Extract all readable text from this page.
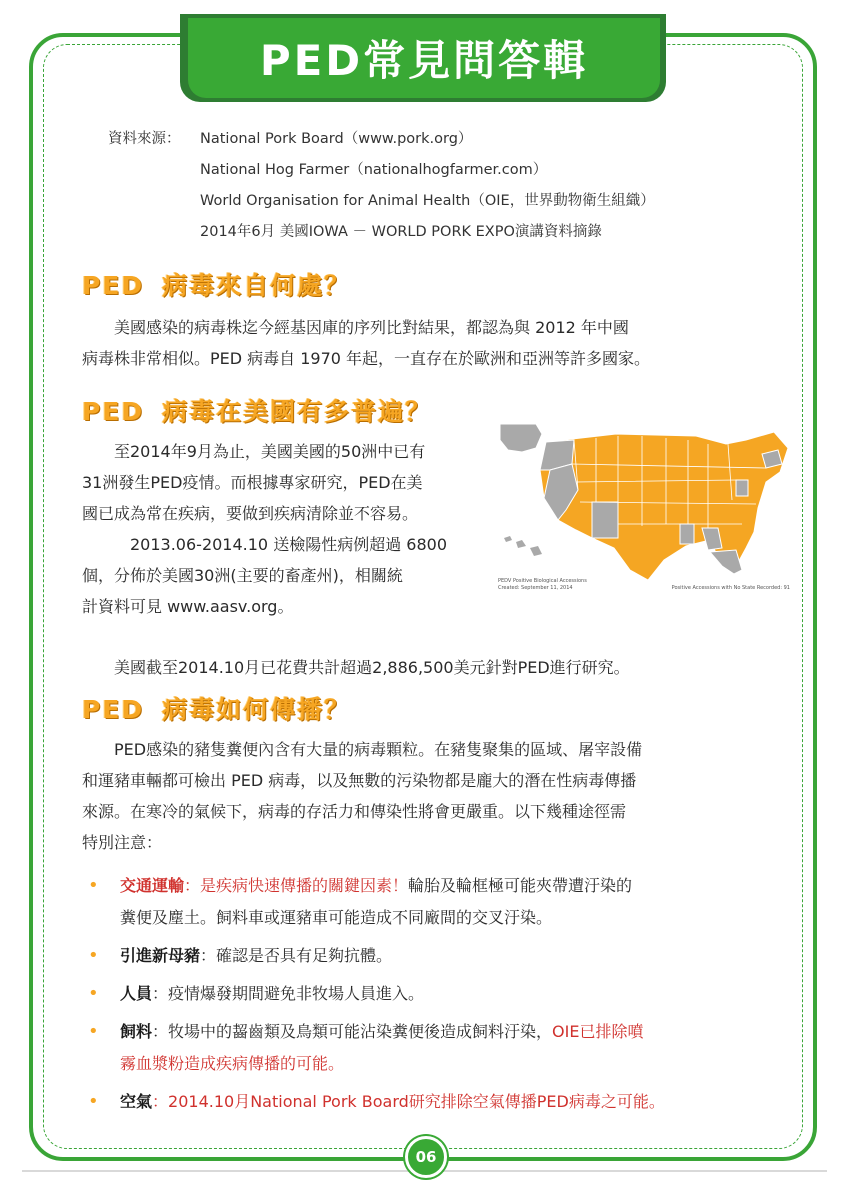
PED常見問答輯
資料來源： National Pork Board（www.pork.org）
National Hog Farmer（nationalhogfarmer.com）
World Organisation for Animal Health（OIE，世界動物衛生組織）
2014年6月 美國IOWA － WORLD PORK EXPO演講資料摘錄
PED 病毒來自何處？
美國感染的病毒株迄今經基因庫的序列比對結果，都認為與 2012 年中國
病毒株非常相似。PED 病毒自 1970 年起，一直存在於歐洲和亞洲等許多國家。
PED 病毒在美國有多普遍？
至2014年9月為止，美國美國的50洲中已有
31洲發生PED疫情。而根據專家研究，PED在美
國已成為常在疾病，要做到疾病清除並不容易。
2013.06-2014.10 送檢陽性病例超過 6800
個，分佈於美國30洲(主要的畜產州)，相關統
計資料可見 www.aasv.org。
美國截至2014.10月已花費共計超過2,886,500美元針對PED進行研究。
PEDV Positive Biological Accessions
Created: September 11, 2014	Positive Accessions with No State Recorded: 91
PED 病毒如何傳播？
PED感染的豬隻糞便內含有大量的病毒顆粒。在豬隻聚集的區域、屠宰設備
和運豬車輛都可檢出 PED 病毒，以及無數的污染物都是龐大的潛在性病毒傳播
來源。在寒冷的氣候下，病毒的存活力和傳染性將會更嚴重。以下幾種途徑需
特別注意：
• 交通運輸：是疾病快速傳播的關鍵因素！輪胎及輪框極可能夾帶遭汙染的
糞便及塵土。飼料車或運豬車可能造成不同廠間的交叉汙染。
• 引進新母豬：確認是否具有足夠抗體。
• 人員：疫情爆發期間避免非牧場人員進入。
• 飼料：牧場中的齧齒類及鳥類可能沾染糞便後造成飼料汙染，OIE已排除噴
霧血漿粉造成疾病傳播的可能。
• 空氣：2014.10月National Pork Board研究排除空氣傳播PED病毒之可能。
06
